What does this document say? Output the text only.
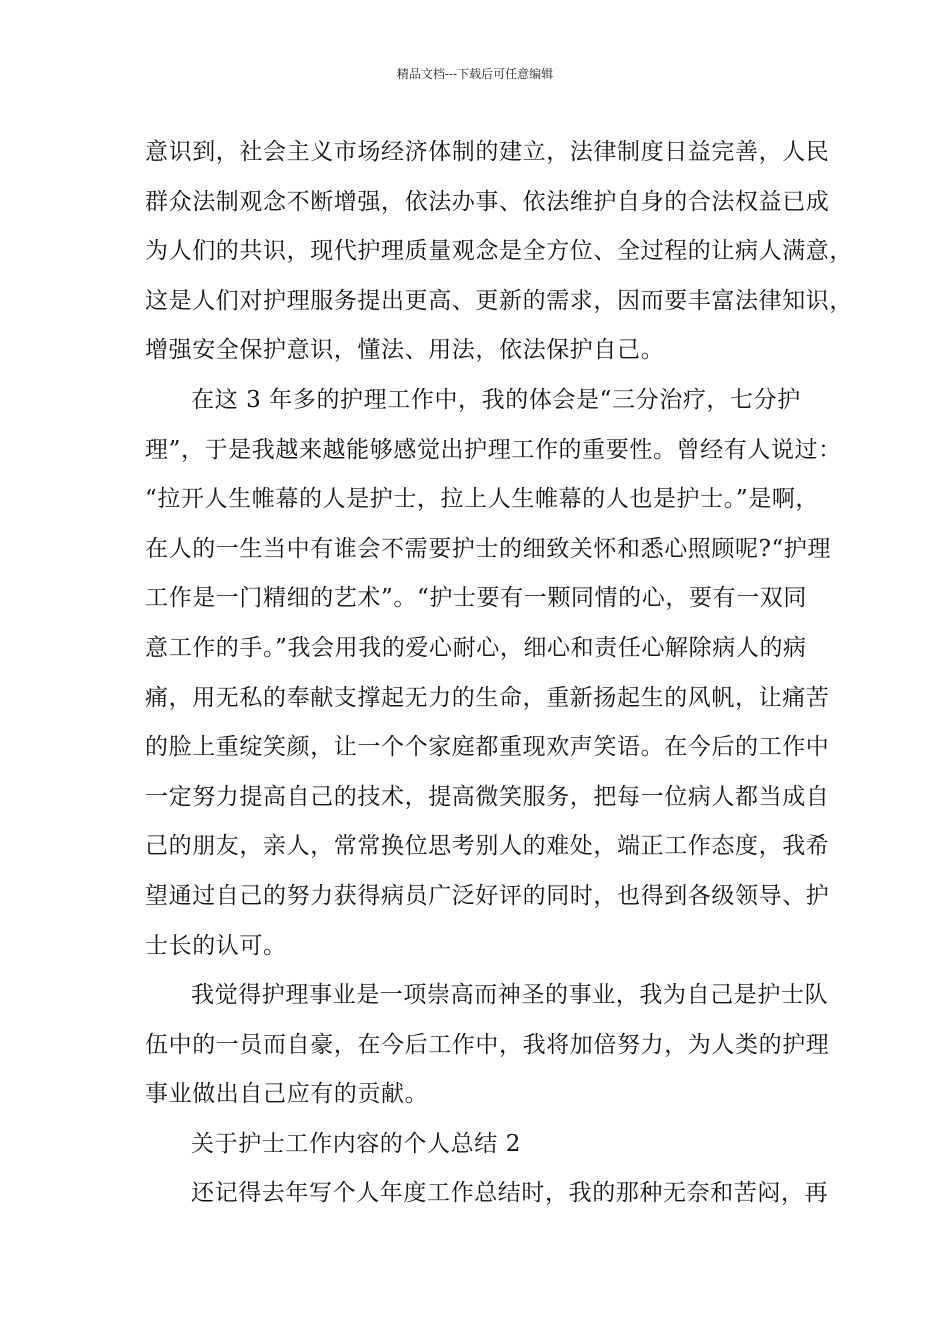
精品文档---下载后可任意编辑
意识到，社会主义市场经济体制的建立，法律制度日益完善，人民
群众法制观念不断增强，依法办事、依法维护自身的合法权益已成
为人们的共识，现代护理质量观念是全方位、全过程的让病人满意，
这是人们对护理服务提出更高、更新的需求，因而要丰富法律知识，
增强安全保护意识，懂法、用法，依法保护自己。
在这 3 年多的护理工作中，我的体会是“三分治疗，七分护
理”，于是我越来越能够感觉出护理工作的重要性。曾经有人说过：
“拉开人生帷幕的人是护士，拉上人生帷幕的人也是护士。”是啊，
在人的一生当中有谁会不需要护士的细致关怀和悉心照顾呢?“护理
工作是一门精细的艺术”。“护士要有一颗同情的心，要有一双同
意工作的手。”我会用我的爱心耐心，细心和责任心解除病人的病
痛，用无私的奉献支撑起无力的生命，重新扬起生的风帆，让痛苦
的脸上重绽笑颜，让一个个家庭都重现欢声笑语。在今后的工作中
一定努力提高自己的技术，提高微笑服务，把每一位病人都当成自
己的朋友，亲人，常常换位思考别人的难处，端正工作态度，我希
望通过自己的努力获得病员广泛好评的同时，也得到各级领导、护
士长的认可。
我觉得护理事业是一项崇高而神圣的事业，我为自己是护士队
伍中的一员而自豪，在今后工作中，我将加倍努力，为人类的护理
事业做出自己应有的贡献。
关于护士工作内容的个人总结 2
还记得去年写个人年度工作总结时，我的那种无奈和苦闷，再
